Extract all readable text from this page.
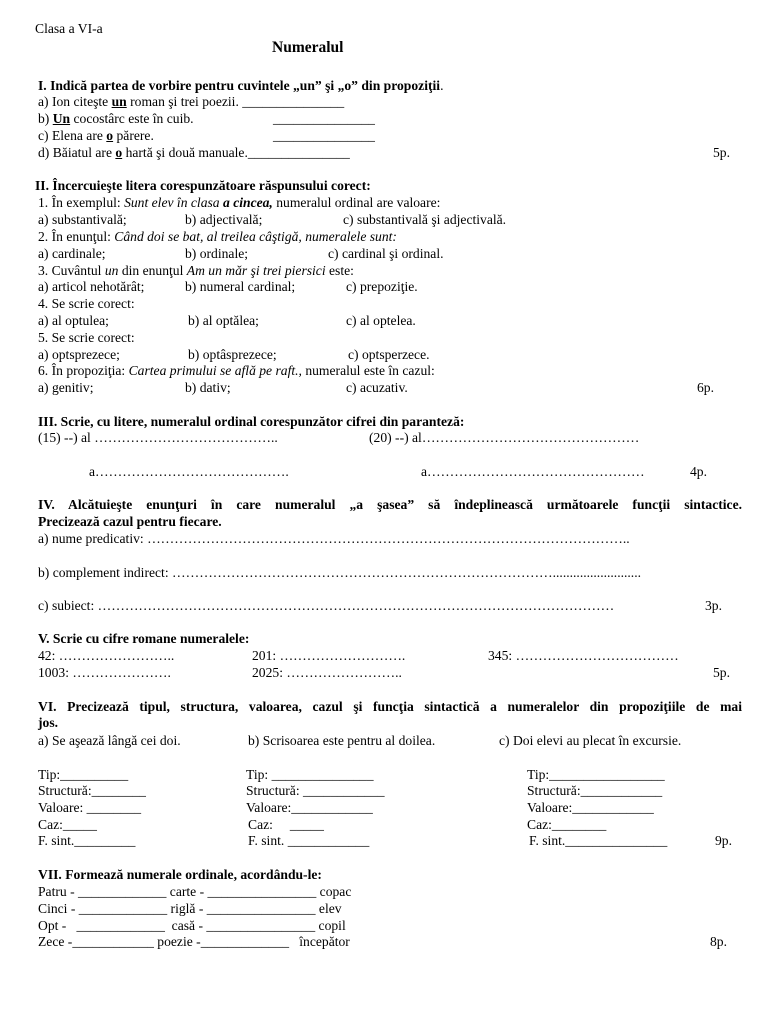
Clasa a VI-a
Numeralul
I. Indică partea de vorbire pentru cuvintele „un” şi „o” din propoziţii.
a) Ion citeşte un roman şi trei poezii. _______________
b) Un cocostârc este în cuib.	_______________
c) Elena are o părere.	_______________
d) Băiatul are o hartă şi două manuale._______________	5p.
II. Încercuieşte litera corespunzătoare răspunsului corect:
1. În exemplul: Sunt elev în clasa a cincea, numeralul ordinal are valoare:
a) substantivală;	b) adjectivală;	c) substantivală şi adjectivală.
2. În enunţul: Când doi se bat, al treilea câştigă, numeralele sunt:
a) cardinale;	b) ordinale;	c) cardinal şi ordinal.
3. Cuvântul un din enunţul Am un măr şi trei piersici este:
a) articol nehotărât;	b) numeral cardinal;	c) prepoziţie.
4. Se scrie corect:
a) al optulea;	b) al optălea;	c) al optelea.
5. Se scrie corect:
a) optsprezece;	b) optâsprezece;	c) optsperzece.
6. În propoziţia: Cartea primului se află pe raft., numeralul este în cazul:
a) genitiv;	b) dativ;	c) acuzativ.	6p.
III. Scrie, cu litere, numeralul ordinal corespunzător cifrei din paranteză:
(15) --) al …………………………………..	(20) --) al…………………………………………
a…………………………………….	a…………………………………………	4p.
IV. Alcătuieşte enunţuri în care numeralul „a şasea” să îndeplinească următoarele funcţii sintactice.
Precizează cazul pentru fiecare.
a) nume predicativ: ……………………………………………………………………………………………..
b) complement indirect: …………………………………………………………………………..........................
c) subiect: ……………………………………………………………………………………………………	3p.
V. Scrie cu cifre romane numeralele:
42: ……………………..	201: ……………………….	345: ………………………………
1003: ………………….	2025: ……………………..	5p.
VI. Precizează tipul, structura, valoarea, cazul şi funcţia sintactică a numeralelor din propoziţiile de mai
jos.
a) Se aşează lângă cei doi.	b) Scrisoarea este pentru al doilea.	c) Doi elevi au plecat în excursie.
Tip:__________
Structură:________
Valoare: ________
Caz:_____
F. sint._________
Tip: _______________
Structură: ____________
Valoare:____________
Caz:     _____
F. sint. ____________
Tip:_________________
Structură:____________
Valoare:____________
Caz:________
F. sint._______________	9p.
VII. Formează numerale ordinale, acordându-le:
Patru - _____________ carte - ________________ copac
Cinci - _____________ riglă - ________________ elev
Opt -   _____________  casă - ________________ copil
Zece -____________ poezie -_____________   începător	8p.
